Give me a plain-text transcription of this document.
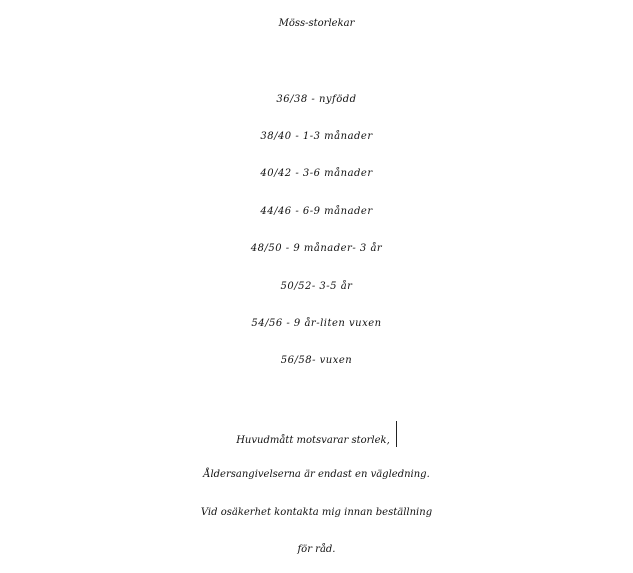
Möss-storlekar
36/38 - nyfödd
38/40 - 1-3 månader
40/42 - 3-6 månader
44/46 - 6-9 månader
48/50 - 9 månader- 3 år
50/52- 3-5 år
54/56 - 9 år-liten vuxen
56/58- vuxen
Huvudmått motsvarar storlek,
Åldersangivelserna är endast en vägledning.
Vid osäkerhet kontakta mig innan beställning
för råd.
